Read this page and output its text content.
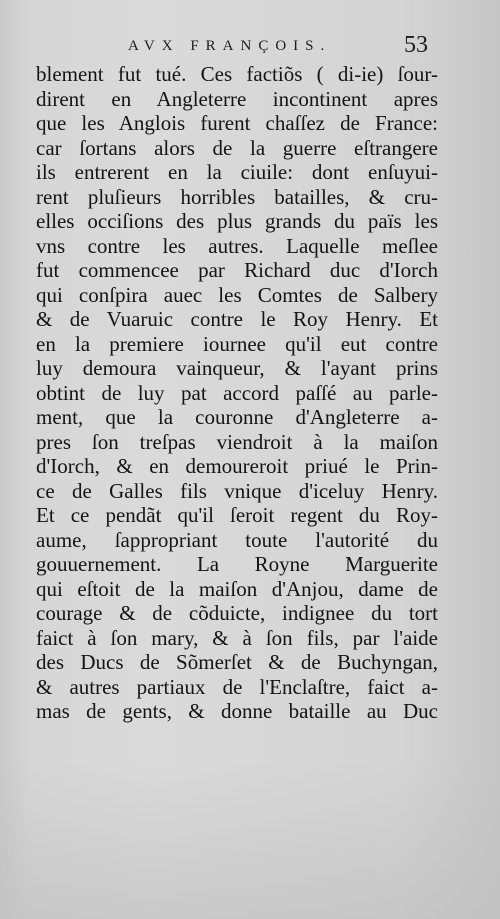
AVX FRANÇOIS.	53
blement fut tué. Ces factiõs ( di-ie) ſour-
dirent en Angleterre incontinent apres
que les Anglois furent chaſſez de France:
car ſortans alors de la guerre eſtrangere
ils entrerent en la ciuile: dont enſuyui-
rent pluſieurs horribles batailles, & cru-
elles occiſions des plus grands du païs les
vns contre les autres. Laquelle meſlee
fut commencee par Richard duc d'Iorch
qui conſpira auec les Comtes de Salbery
& de Vuaruic contre le Roy Henry. Et
en la premiere iournee qu'il eut contre
luy demoura vainqueur, & l'ayant prins
obtint de luy pat accord paſſé au parle-
ment, que la couronne d'Angleterre a-
pres ſon treſpas viendroit à la maiſon
d'Iorch, & en demoureroit priué le Prin-
ce de Galles fils vnique d'iceluy Henry.
Et ce pendãt qu'il ſeroit regent du Roy-
aume, ſappropriant toute l'autorité du
gouuernement. La Royne Marguerite
qui eſtoit de la maiſon d'Anjou, dame de
courage & de cõduicte, indignee du tort
faict à ſon mary, & à ſon fils, par l'aide
des Ducs de Sõmerſet & de Buchyngan,
& autres partiaux de l'Enclaſtre, faict a-
mas de gents, & donne bataille au Duc
